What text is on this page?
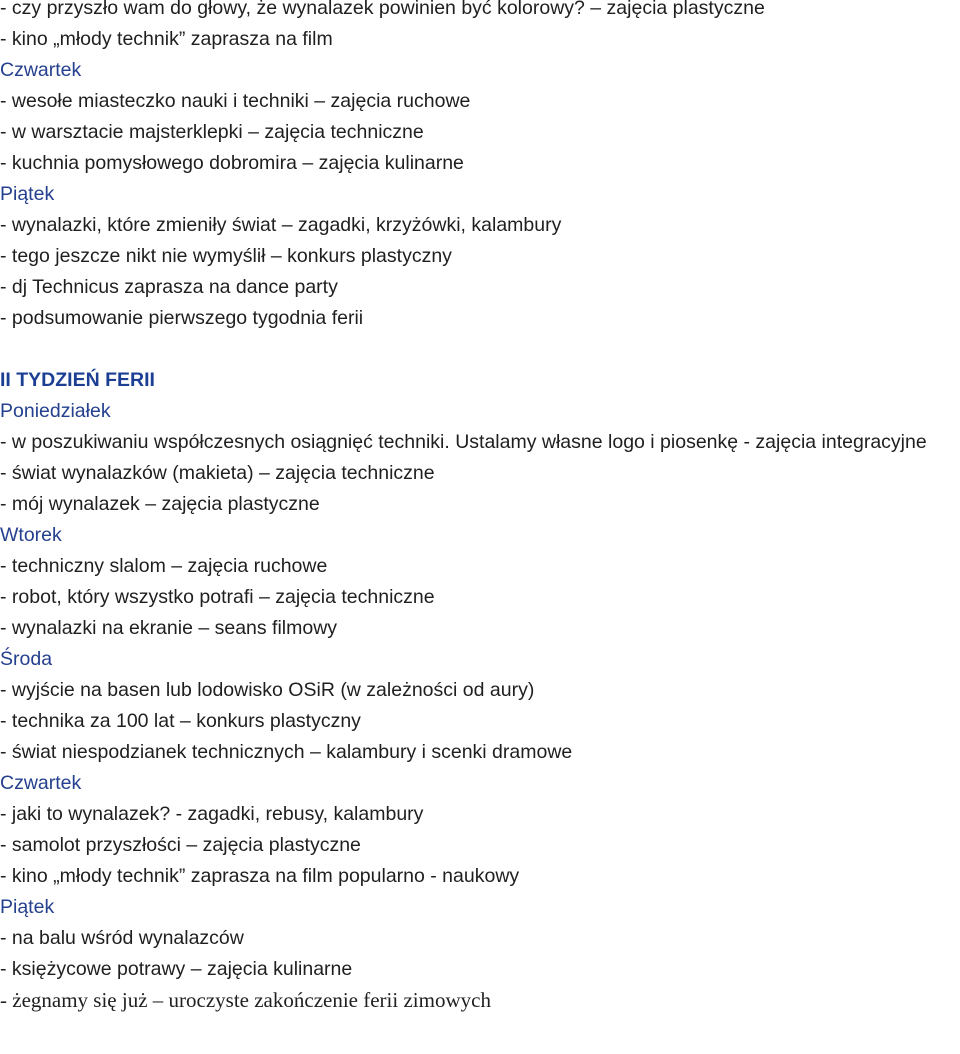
- czy przyszło wam do głowy, że wynalazek powinien być kolorowy? – zajęcia plastyczne
- kino „młody technik” zaprasza na film
Czwartek
- wesołe miasteczko nauki i techniki – zajęcia ruchowe
- w warsztacie majsterklepki – zajęcia techniczne
- kuchnia pomysłowego dobromira – zajęcia kulinarne
Piątek
- wynalazki, które zmieniły świat – zagadki, krzyżówki, kalambury
- tego jeszcze nikt nie wymyślił – konkurs plastyczny
- dj Technicus zaprasza na dance party
- podsumowanie pierwszego tygodnia ferii
II TYDZIEŃ FERII
Poniedziałek
- w poszukiwaniu współczesnych osiągnięć techniki. Ustalamy własne logo i piosenkę - zajęcia integracyjne
- świat wynalazków (makieta) – zajęcia techniczne
- mój wynalazek – zajęcia plastyczne
Wtorek
- techniczny slalom – zajęcia ruchowe
- robot, który wszystko potrafi – zajęcia techniczne
- wynalazki na ekranie – seans filmowy
Środa
- wyjście na basen lub lodowisko OSiR (w zależności od aury)
- technika za 100 lat – konkurs plastyczny
- świat niespodzianek technicznych – kalambury i scenki dramowe
Czwartek
- jaki to wynalazek? - zagadki, rebusy, kalambury
- samolot przyszłości – zajęcia plastyczne
- kino „młody technik” zaprasza na film popularno - naukowy
Piątek
- na balu wśród wynalazców
- księżycowe potrawy – zajęcia kulinarne
- żegnamy się już – uroczyste zakończenie ferii zimowych
